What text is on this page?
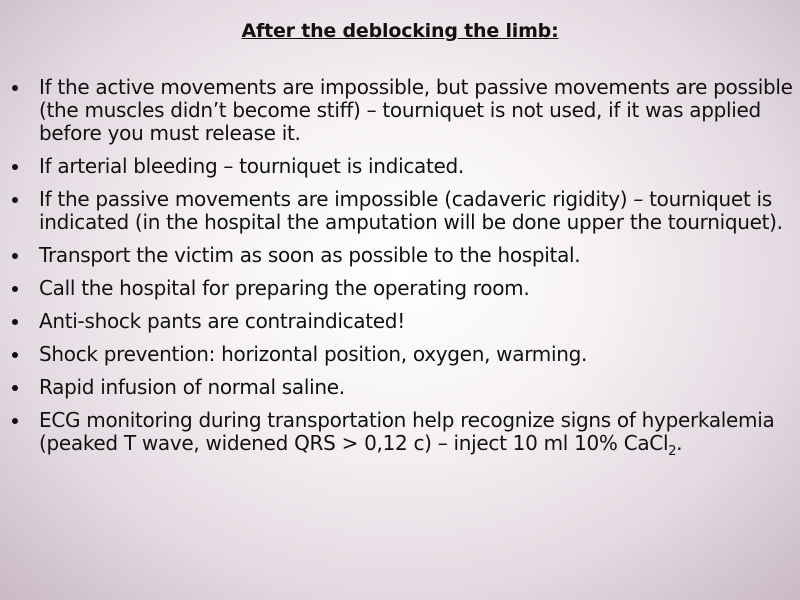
After the deblocking the limb:
If the active movements are impossible, but passive movements are possible (the muscles didn’t become stiff) – tourniquet is not used, if it was applied before you must release it.
If arterial bleeding – tourniquet is indicated.
If the passive movements are impossible (cadaveric rigidity) – tourniquet is indicated (in the hospital the amputation will be done upper the tourniquet).
Transport the victim as soon as possible to the hospital.
Call the hospital for preparing the operating room.
Anti-shock pants are contraindicated!
Shock prevention: horizontal position, oxygen, warming.
Rapid infusion of normal saline.
ECG monitoring during transportation help recognize signs of hyperkalemia (peaked T wave, widened QRS > 0,12 c) – inject 10 ml 10% CaCl$_2$.
